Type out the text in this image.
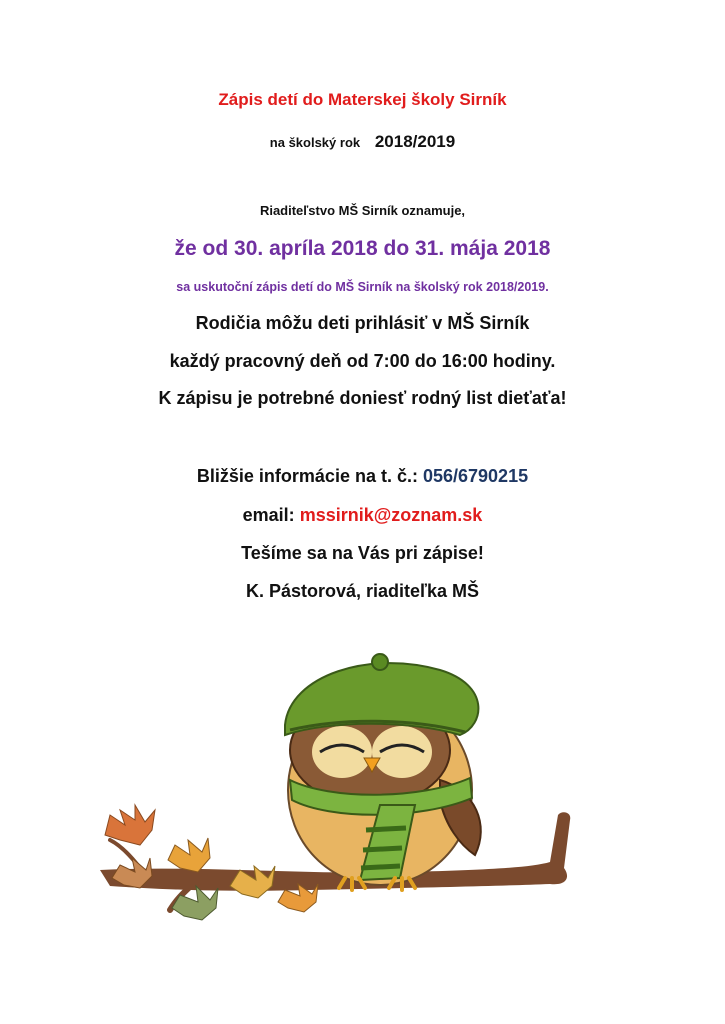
Zápis detí do Materskej školy Sirník
na školský rok 2018/2019
Riaditeľstvo MŠ Sirník oznamuje,
že od 30. apríla 2018 do 31. mája 2018
sa uskutoční zápis detí do MŠ Sirník na školský rok 2018/2019.
Rodičia môžu deti prihlásiť v MŠ Sirník
každý pracovný deň od 7:00 do 16:00 hodiny.
K zápisu je potrebné doniesť rodný list dieťaťa!
Bližšie informácie na t. č.: 056/6790215
email: mssirnik@zoznam.sk
Tešíme sa na Vás pri zápise!
K. Pástorová, riaditeľka MŠ
